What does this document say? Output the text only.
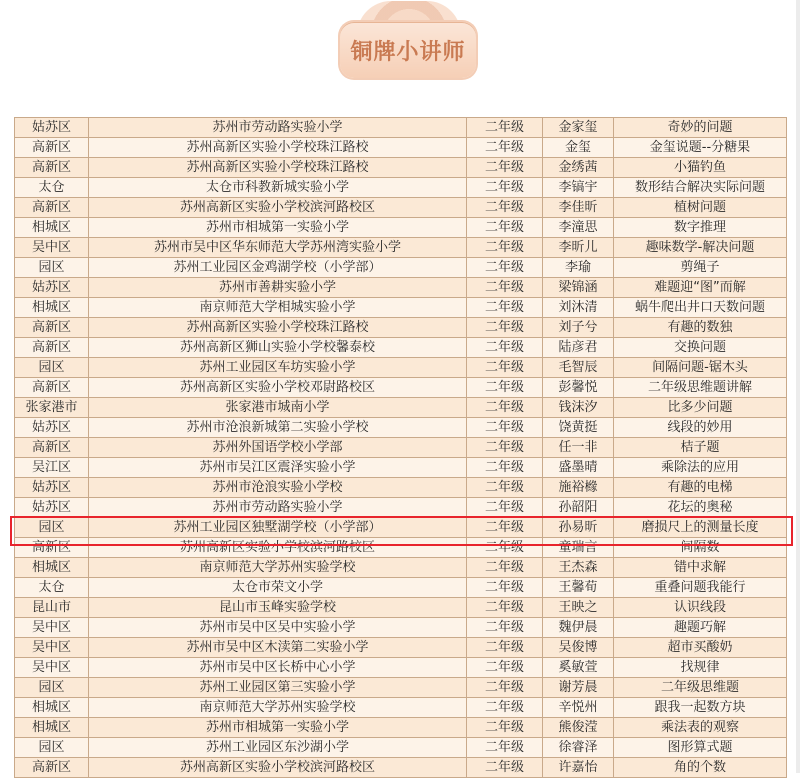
铜牌小讲师
姑苏区	苏州市劳动路实验小学	二年级	金家玺	奇妙的问题
高新区	苏州高新区实验小学校珠江路校	二年级	金玺	金玺说题--分糖果
高新区	苏州高新区实验小学校珠江路校	二年级	金绣茜	小猫钓鱼
太仓	太仓市科教新城实验小学	二年级	李镐宇	数形结合解决实际问题
高新区	苏州高新区实验小学校滨河路校区	二年级	李佳昕	植树问题
相城区	苏州市相城第一实验小学	二年级	李潼思	数字推理
吴中区	苏州市吴中区华东师范大学苏州湾实验小学	二年级	李昕儿	趣味数学-解决问题
园区	苏州工业园区金鸡湖学校（小学部）	二年级	李瑜	剪绳子
姑苏区	苏州市善耕实验小学	二年级	梁锦涵	难题迎“图”而解
相城区	南京师范大学相城实验小学	二年级	刘沐清	蜗牛爬出井口天数问题
高新区	苏州高新区实验小学校珠江路校	二年级	刘子兮	有趣的数独
高新区	苏州高新区狮山实验小学校馨泰校	二年级	陆彦君	交换问题
园区	苏州工业园区车坊实验小学	二年级	毛智辰	间隔问题-锯木头
高新区	苏州高新区实验小学校邓尉路校区	二年级	彭馨悦	二年级思维题讲解
张家港市	张家港市城南小学	二年级	钱沫汐	比多少问题
姑苏区	苏州市沧浪新城第二实验小学校	二年级	饶黄挺	线段的妙用
高新区	苏州外国语学校小学部	二年级	任一非	桔子题
吴江区	苏州市吴江区震泽实验小学	二年级	盛墨晴	乘除法的应用
姑苏区	苏州市沧浪实验小学校	二年级	施裕橼	有趣的电梯
姑苏区	苏州市劳动路实验小学	二年级	孙韶阳	花坛的奥秘
园区	苏州工业园区独墅湖学校（小学部）	二年级	孙易昕	磨损尺上的测量长度
高新区	苏州高新区实验小学校滨河路校区	二年级	童瑞言	间隔数
相城区	南京师范大学苏州实验学校	二年级	王杰森	错中求解
太仓	太仓市荣文小学	二年级	王馨荀	重叠问题我能行
昆山市	昆山市玉峰实验学校	二年级	王映之	认识线段
吴中区	苏州市吴中区吴中实验小学	二年级	魏伊晨	趣题巧解
吴中区	苏州市吴中区木渎第二实验小学	二年级	吴俊博	超市买酸奶
吴中区	苏州市吴中区长桥中心小学	二年级	奚敏萱	找规律
园区	苏州工业园区第三实验小学	二年级	谢芳晨	二年级思维题
相城区	南京师范大学苏州实验学校	二年级	辛悦州	跟我一起数方块
相城区	苏州市相城第一实验小学	二年级	熊俊滢	乘法表的观察
园区	苏州工业园区东沙湖小学	二年级	徐睿泽	图形算式题
高新区	苏州高新区实验小学校滨河路校区	二年级	许嘉怡	角的个数
